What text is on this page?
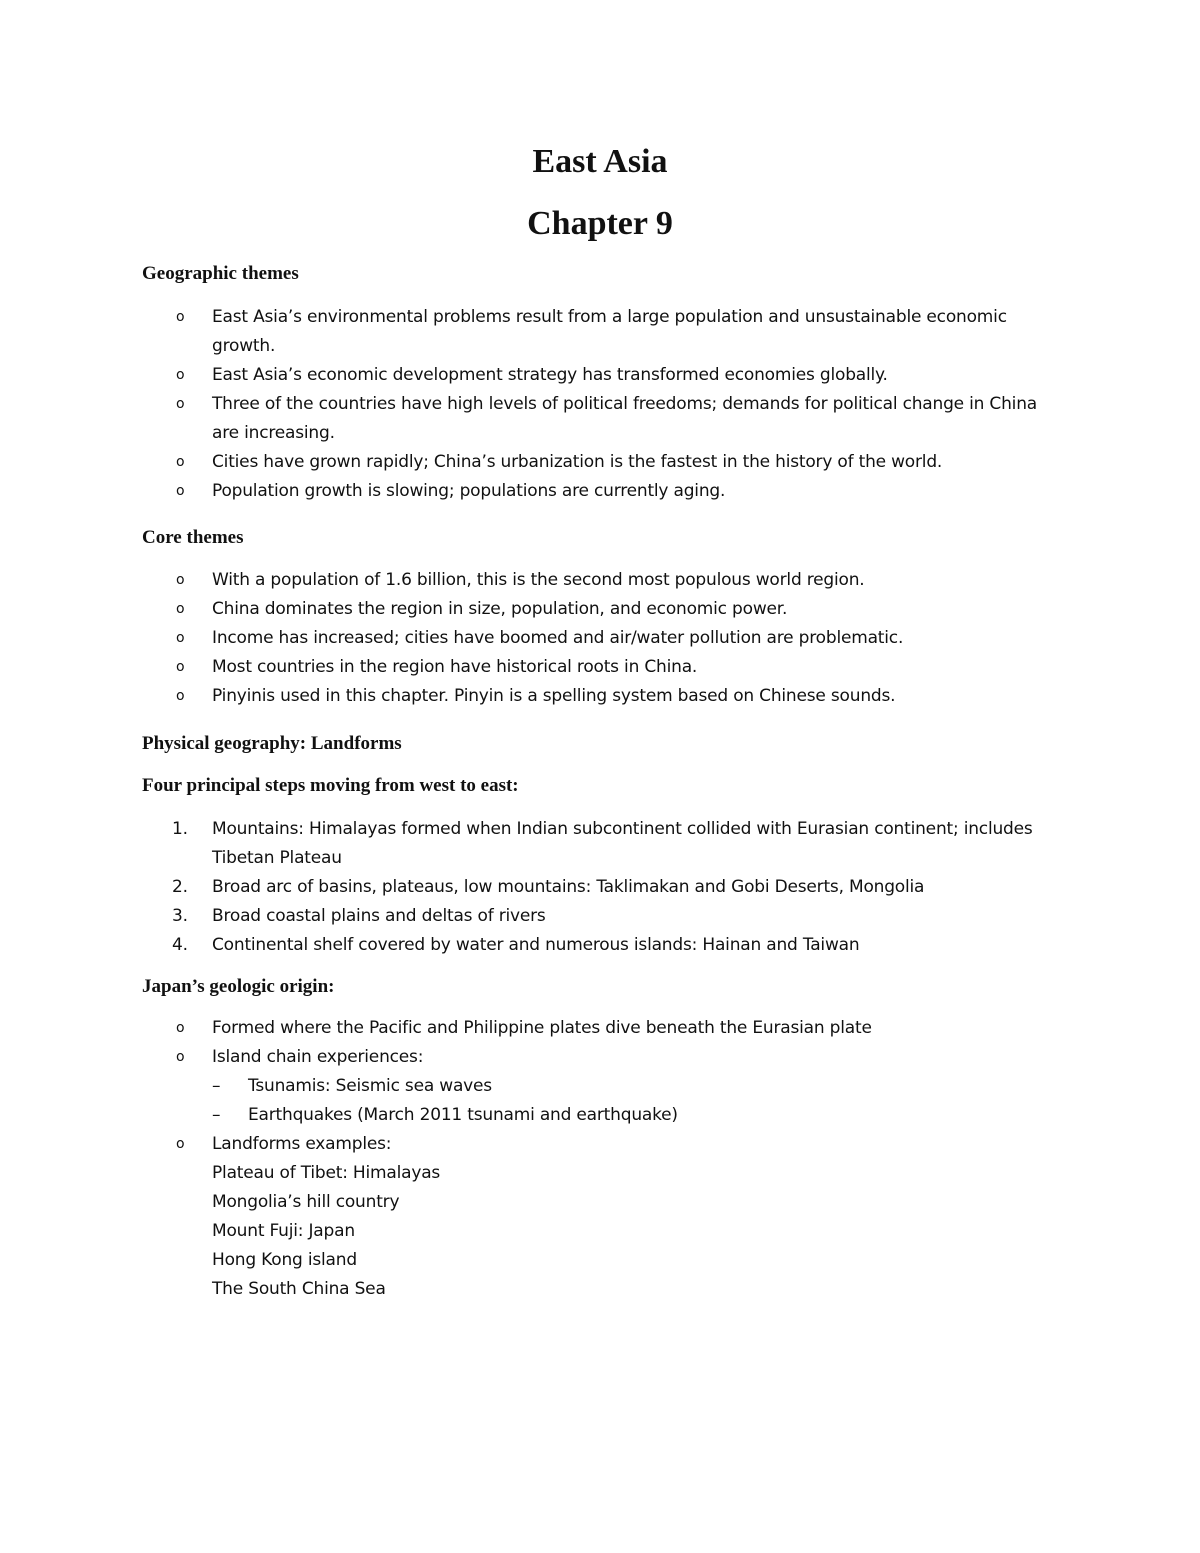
East Asia
Chapter 9
Geographic themes
o East Asia’s environmental problems result from a large population and unsustainable economic growth.
o East Asia’s economic development strategy has transformed economies globally.
o Three of the countries have high levels of political freedoms; demands for political change in China are increasing.
o Cities have grown rapidly; China’s urbanization is the fastest in the history of the world.
o Population growth is slowing; populations are currently aging.
Core themes
o With a population of 1.6 billion, this is the second most populous world region.
o China dominates the region in size, population, and economic power.
o Income has increased; cities have boomed and air/water pollution are problematic.
o Most countries in the region have historical roots in China.
o Pinyinis used in this chapter. Pinyin is a spelling system based on Chinese sounds.
Physical geography: Landforms
Four principal steps moving from west to east:
1. Mountains: Himalayas formed when Indian subcontinent collided with Eurasian continent; includes Tibetan Plateau
2. Broad arc of basins, plateaus, low mountains: Taklimakan and Gobi Deserts, Mongolia
3. Broad coastal plains and deltas of rivers
4. Continental shelf covered by water and numerous islands: Hainan and Taiwan
Japan’s geologic origin:
o Formed where the Pacific and Philippine plates dive beneath the Eurasian plate
o Island chain experiences:
– Tsunamis: Seismic sea waves
– Earthquakes (March 2011 tsunami and earthquake)
o Landforms examples:
Plateau of Tibet: Himalayas
Mongolia’s hill country
Mount Fuji: Japan
Hong Kong island
The South China Sea
